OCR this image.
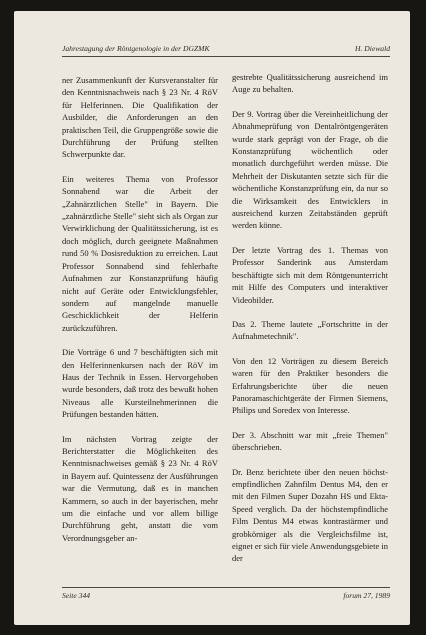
Jahrestagung der Röntgenologie in der DGZMK	H. Diewald

ner Zusammenkunft der Kursveranstalter für den Kenntnisnachweis nach § 23 Nr. 4 RöV für Helferinnen. Die Qualifikation der Ausbilder, die Anforderungen an den praktischen Teil, die Gruppengröße sowie die Durchführung der Prüfung stellten Schwerpunkte dar.

Ein weiteres Thema von Professor Sonnabend war die Arbeit der „Zahnärztlichen Stelle" in Bayern. Die „zahnärztliche Stelle" sieht sich als Organ zur Verwirklichung der Qualitätssicherung, ist es doch möglich, durch geeignete Maßnahmen rund 50 % Dosisreduktion zu erreichen. Laut Professor Sonnabend sind fehlerhafte Aufnahmen zur Konstanzprüfung häufig nicht auf Geräte oder Entwicklungsfehler, sondern auf mangelnde manuelle Geschicklichkeit der Helferin zurückzuführen.

Die Vorträge 6 und 7 beschäftigten sich mit den Helferinnenkursen nach der RöV im Haus der Technik in Essen. Hervorgehoben wurde besonders, daß trotz des bewußt hohen Niveaus alle Kursteilnehmerinnen die Prüfungen bestanden hätten.

Im nächsten Vortrag zeigte der Berichterstatter die Möglichkeiten des Kenntnisnachweises gemäß § 23 Nr. 4 RöV in Bayern auf. Quintessenz der Ausführungen war die Vermutung, daß es in manchen Kammern, so auch in der bayerischen, mehr um die einfache und vor allem billige Durchführung geht, anstatt die vom Verordnungsgeber an-

gestrebte Qualitätssicherung ausreichend im Auge zu behalten.

Der 9. Vortrag über die Vereinheitlichung der Abnahmeprüfung von Dentalröntgengeräten wurde stark geprägt von der Frage, ob die Konstanzprüfung wöchentlich oder monatlich durchgeführt werden müsse. Die Mehrheit der Diskutanten setzte sich für die wöchentliche Konstanzprüfung ein, da nur so die Wirksamkeit des Entwicklers in ausreichend kurzen Zeitabständen geprüft werden könne.

Der letzte Vortrag des 1. Themas von Professor Sanderink aus Amsterdam beschäftigte sich mit dem Röntgenunterricht mit Hilfe des Computers und interaktiver Videobilder.

Das 2. Theme lautete „Fortschritte in der Aufnahmetechnik".

Von den 12 Vorträgen zu diesem Bereich waren für den Praktiker besonders die Erfahrungsberichte über die neuen Panoramaschichtgeräte der Firmen Siemens, Philips und Soredex von Interesse.

Der 3. Abschnitt war mit „freie Themen" überschrieben.

Dr. Benz berichtete über den neuen höchst-empfindlichen Zahnfilm Dentus M4, den er mit den Filmen Super Dozahn HS und Ekta-Speed verglich. Da der höchstempfindliche Film Dentus M4 etwas kontrastärmer und grobkörniger als die Vergleichsfilme ist, eignet er sich für viele Anwendungsgebiete in der

Seite 344	forum 27, 1989
